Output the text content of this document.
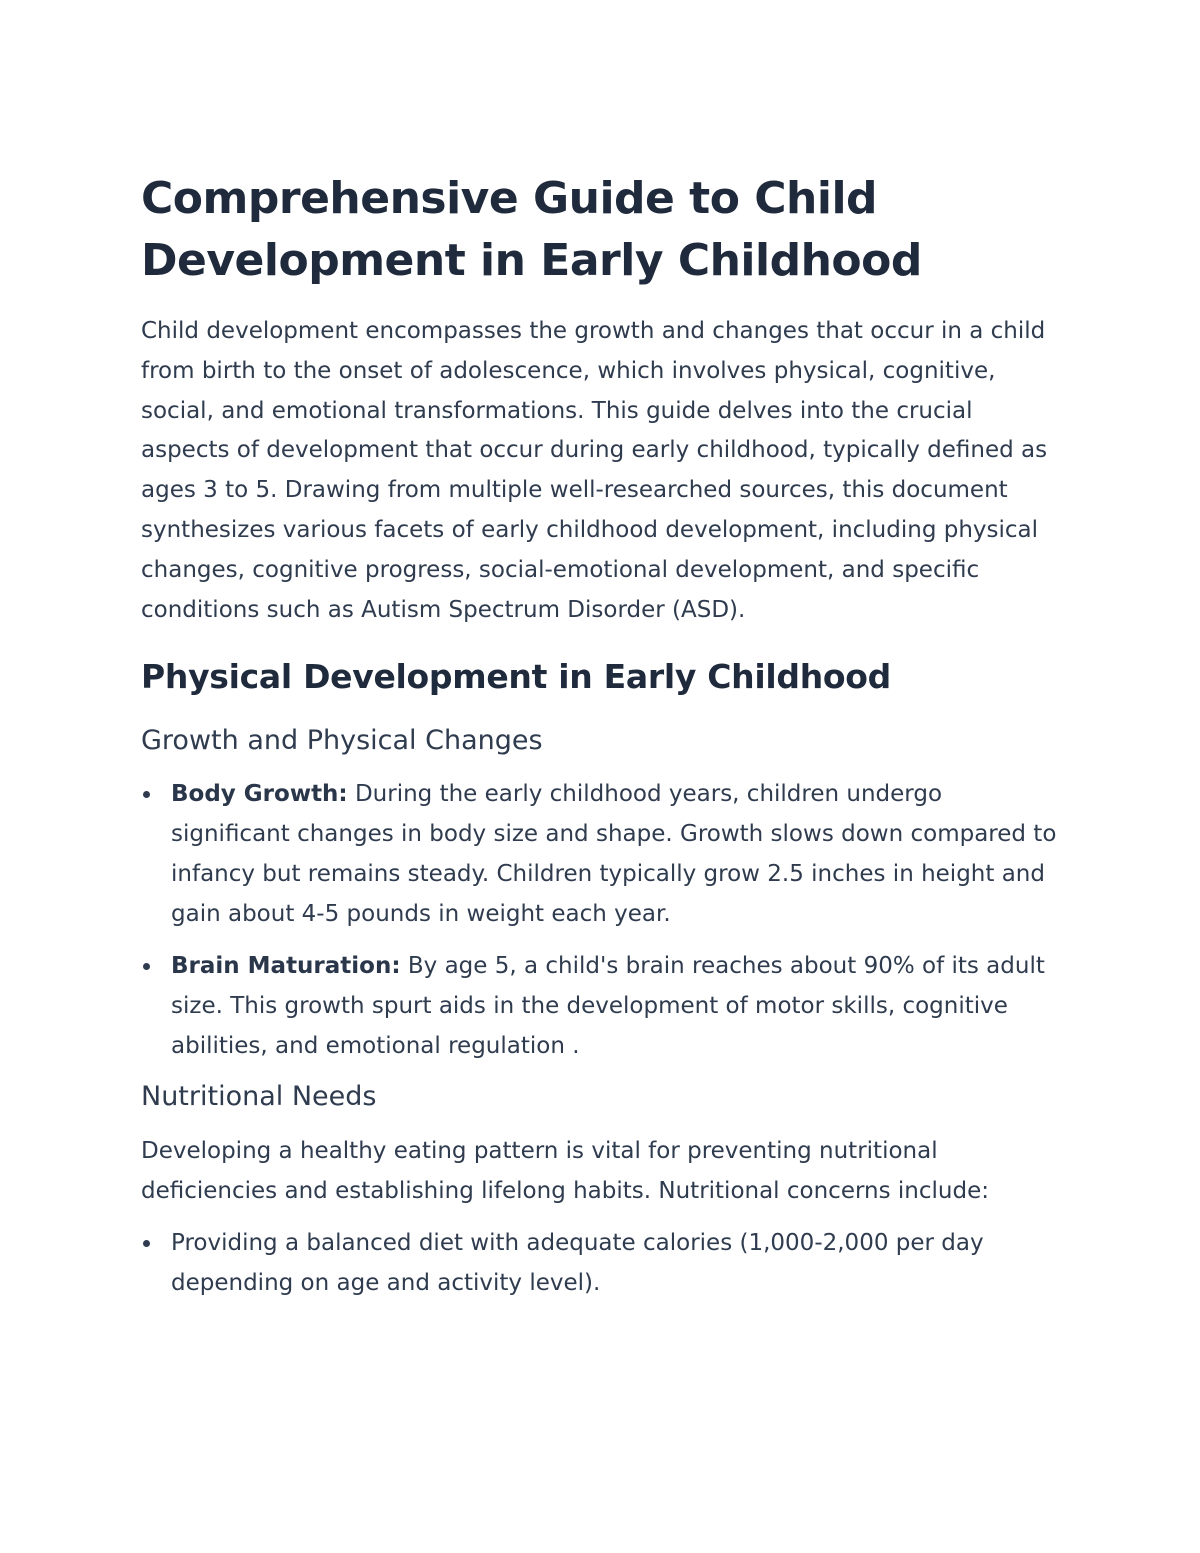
Comprehensive Guide to Child Development in Early Childhood

Child development encompasses the growth and changes that occur in a child from birth to the onset of adolescence, which involves physical, cognitive, social, and emotional transformations. This guide delves into the crucial aspects of development that occur during early childhood, typically defined as ages 3 to 5. Drawing from multiple well-researched sources, this document synthesizes various facets of early childhood development, including physical changes, cognitive progress, social-emotional development, and specific conditions such as Autism Spectrum Disorder (ASD).

Physical Development in Early Childhood
Growth and Physical Changes
Body Growth: During the early childhood years, children undergo significant changes in body size and shape. Growth slows down compared to infancy but remains steady. Children typically grow 2.5 inches in height and gain about 4-5 pounds in weight each year.
Brain Maturation: By age 5, a child's brain reaches about 90% of its adult size. This growth spurt aids in the development of motor skills, cognitive abilities, and emotional regulation .
Nutritional Needs

Developing a healthy eating pattern is vital for preventing nutritional deficiencies and establishing lifelong habits. Nutritional concerns include:

Providing a balanced diet with adequate calories (1,000-2,000 per day depending on age and activity level).
